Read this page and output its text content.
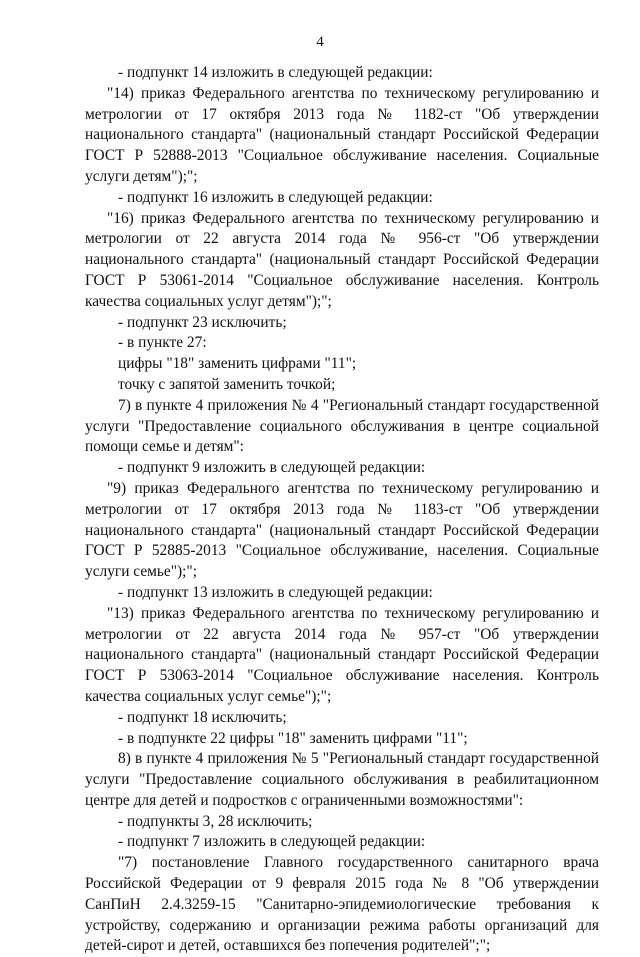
4

- подпункт 14 изложить в следующей редакции:

"14) приказ Федерального агентства по техническому регулированию и метрологии от 17 октября 2013 года № 1182-ст "Об утверждении национального стандарта" (национальный стандарт Российской Федерации ГОСТ Р 52888-2013 "Социальное обслуживание населения. Социальные услуги детям");";

- подпункт 16 изложить в следующей редакции:

"16) приказ Федерального агентства по техническому регулированию и метрологии от 22 августа 2014 года № 956-ст "Об утверждении национального стандарта" (национальный стандарт Российской Федерации ГОСТ Р 53061-2014 "Социальное обслуживание населения. Контроль качества социальных услуг детям");";

- подпункт 23 исключить;

- в пункте 27:

цифры "18" заменить цифрами "11";

точку с запятой заменить точкой;

7) в пункте 4 приложения № 4 "Региональный стандарт государственной услуги "Предоставление социального обслуживания в центре социальной помощи семье и детям":

- подпункт 9 изложить в следующей редакции:

"9) приказ Федерального агентства по техническому регулированию и метрологии от 17 октября 2013 года № 1183-ст "Об утверждении национального стандарта" (национальный стандарт Российской Федерации ГОСТ Р 52885-2013 "Социальное обслуживание, населения. Социальные услуги семье");";

- подпункт 13 изложить в следующей редакции:

"13) приказ Федерального агентства по техническому регулированию и метрологии от 22 августа 2014 года № 957-ст "Об утверждении национального стандарта" (национальный стандарт Российской Федерации ГОСТ Р 53063-2014 "Социальное обслуживание населения. Контроль качества социальных услуг семье");";

- подпункт 18 исключить;

- в подпункте 22 цифры "18" заменить цифрами "11";

8) в пункте 4 приложения № 5 "Региональный стандарт государственной услуги "Предоставление социального обслуживания в реабилитационном центре для детей и подростков с ограниченными возможностями":

- подпункты 3, 28 исключить;

- подпункт 7 изложить в следующей редакции:

"7) постановление Главного государственного санитарного врача Российской Федерации от 9 февраля 2015 года № 8 "Об утверждении СанПиН 2.4.3259-15 "Санитарно-эпидемиологические требования к устройству, содержанию и организации режима работы организаций для детей-сирот и детей, оставшихся без попечения родителей";";
